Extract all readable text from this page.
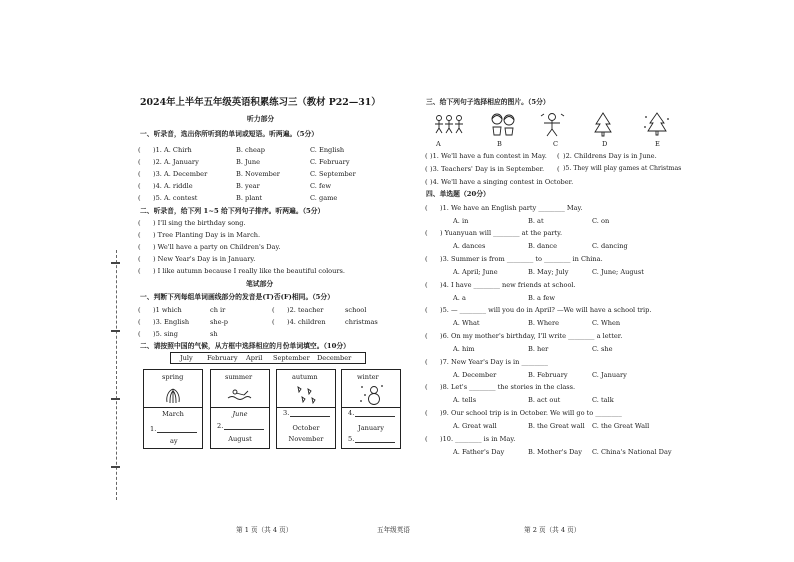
2024年上半年五年级英语积累练习三（教材 P22—31）
听力部分
一、听录音，选出你所听到的单词或短语。听两遍。（5分）
( )1. A. Chirh	B. cheap	C. English
( )2. A. January	B. June	C. February
( )3. A. December	B. November	C. September
( )4. A. riddle	B. year	C. few
( )5. A. contest	B. plant	C. game
二、听录音，给下列 1~5 给下列句子排序。听两遍。（5分）
( ) I'll sing the birthday song.
( ) Tree Planting Day is in March.
( ) We'll have a party on Children's Day.
( ) New Year's Day is in January.
( ) I like autumn because I really like the beautiful colours.
笔试部分
一、判断下列每组单词画线部分的发音是(T)否(F)相同。（5分）
( )1 which	ch ir	( )2. teacher	school
( )3. English	she-p	( )4. children	christmas
( )5. sing	sh
二、请按照中国的气候，从方框中选择相应的月份单词填空。（10分）
July February April September December
spring
March
1.
ay
summer
June
2.
August
autumn
3.
October
November
winter
4.
January
5.
第 1 页（共 4 页）	五年级英语	第 2 页（共 4 页）
三、给下列句子选择相应的图片。（5分）
A	B	C	D	E
( )1. We'll have a fun contest in May. ( )2. Childrens Day is in June.
( )3. Teachers' Day is in September. ( )5. They will play games at Christmas
( )4. We'll have a singing contest in October.
四、单选题（20分）
( )1. We have an English party ________ May.
A. in	B. at	C. on
( ) Yuanyuan will ________ at the party.
A. dances	B. dance	C. dancing
( )3. Summer is from ________ to ________ in China.
A. April; June	B. May; July	C. June; August
( )4. I have ________ new friends at school.
A. a	B. a few
( )5. — ________ will you do in April? —We will have a school trip.
A. What	B. Where	C. When
( )6. On my mother's birthday, I'll write ________ a letter.
A. him	B. her	C. she
( )7. New Year's Day is in ________
A. December	B. February	C. January
( )8. Let's ________ the stories in the class.
A. tells	B. act out	C. talk
( )9. Our school trip is in October. We will go to ________
A. Great wall	B. the Great wall C. the Great Wall
( )10. ________ is in May.
A. Father's Day	B. Mother's Day C. China's National Day
